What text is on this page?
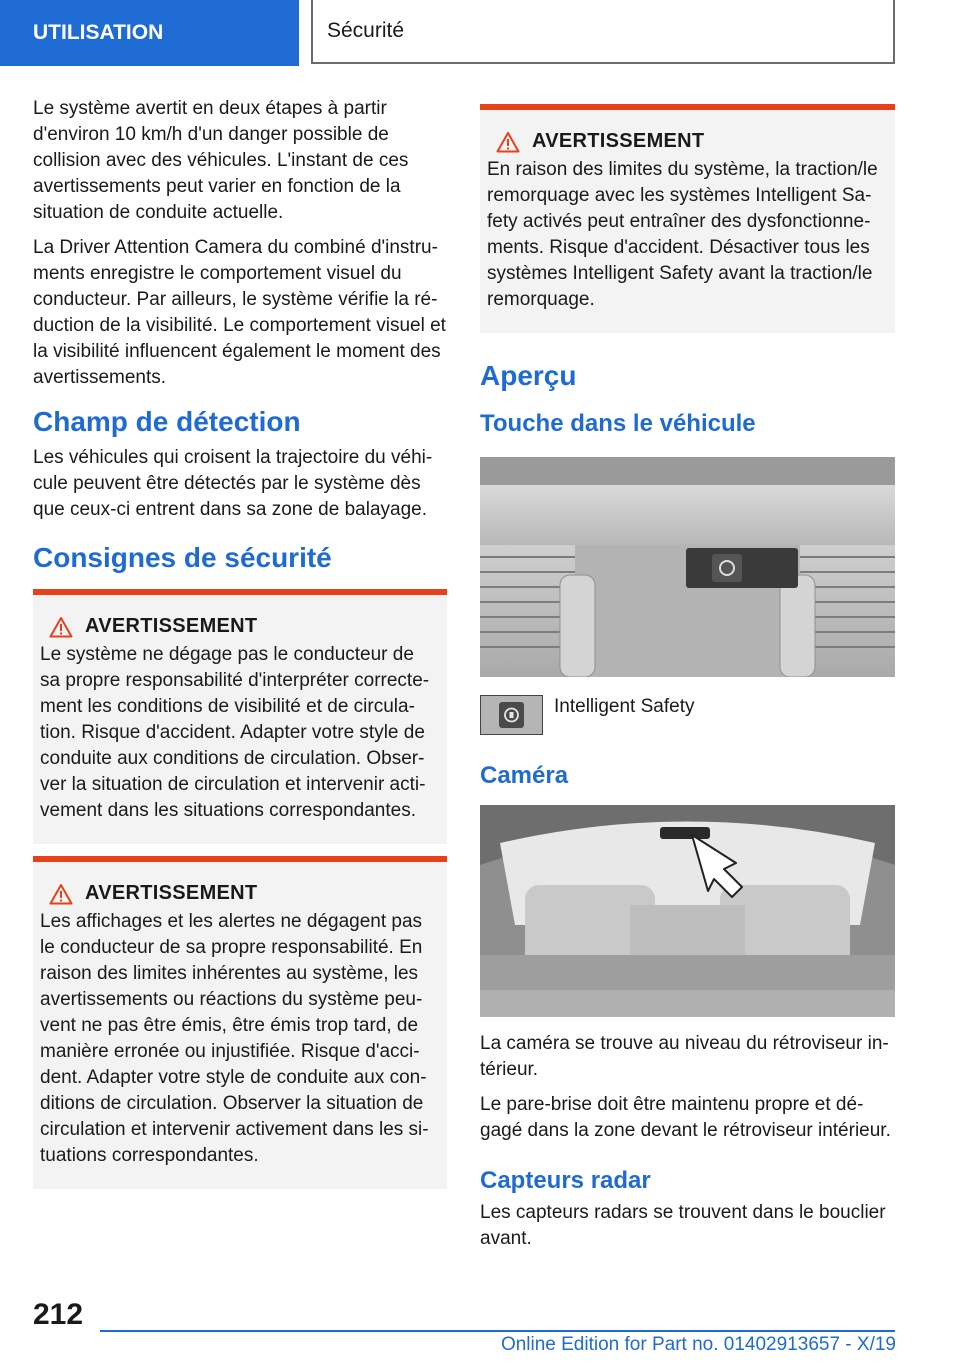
UTILISATION	Sécurité

Le système avertit en deux étapes à partir d'environ 10 km/h d'un danger possible de collision avec des véhicules. L'instant de ces avertissements peut varier en fonction de la situation de conduite actuelle.

La Driver Attention Camera du combiné d'instruments enregistre le comportement visuel du conducteur. Par ailleurs, le système vérifie la réduction de la visibilité. Le comportement visuel et la visibilité influencent également le moment des avertissements.

Champ de détection

Les véhicules qui croisent la trajectoire du véhicule peuvent être détectés par le système dès que ceux-ci entrent dans sa zone de balayage.

Consignes de sécurité
AVERTISSEMENT

Le système ne dégage pas le conducteur de sa propre responsabilité d'interpréter correctement les conditions de visibilité et de circulation. Risque d'accident. Adapter votre style de conduite aux conditions de circulation. Observer la situation de circulation et intervenir activement dans les situations correspondantes.

AVERTISSEMENT

Les affichages et les alertes ne dégagent pas le conducteur de sa propre responsabilité. En raison des limites inhérentes au système, les avertissements ou réactions du système peuvent ne pas être émis, être émis trop tard, de manière erronée ou injustifiée. Risque d'accident. Adapter votre style de conduite aux conditions de circulation. Observer la situation de circulation et intervenir activement dans les situations correspondantes.

AVERTISSEMENT

En raison des limites du système, la traction/le remorquage avec les systèmes Intelligent Safety activés peut entraîner des dysfonctionnements. Risque d'accident. Désactiver tous les systèmes Intelligent Safety avant la traction/le remorquage.

Aperçu
Touche dans le véhicule
Intelligent Safety
Caméra

La caméra se trouve au niveau du rétroviseur intérieur.

Le pare-brise doit être maintenu propre et dégagé dans la zone devant le rétroviseur intérieur.

Capteurs radar

Les capteurs radars se trouvent dans le bouclier avant.

212
Online Edition for Part no. 01402913657 - X/19
